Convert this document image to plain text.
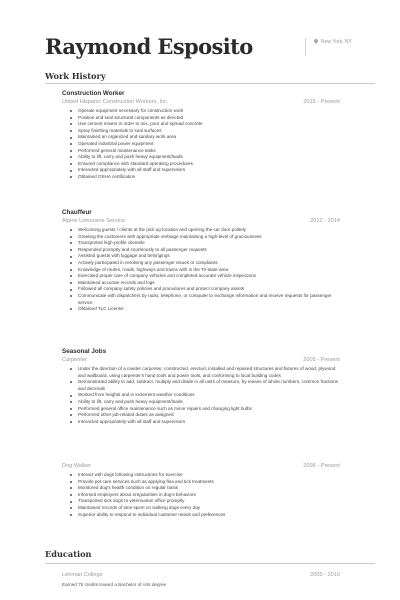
Raymond Esposito	New York, NY
Work History
Construction Worker
United Hispanic Construction Workers, Inc.	2015 - Present
Operate equipment necessary for construction work
Position and seal structural components as directed
Use cement mixers in order to mix, pour and spread concrete
Spray finishing materials to seal surfaces
Maintained an organized and sanitary work area
Operated industrial power equipment
Performed general maintenance tasks
Ability to lift, carry and push heavy equipment/loads
Ensured compliance with standard operating procedures
Interacted appropriately with all staff and supervisors
Obtained OSHA certification
Chauffeur
Alpine Limousine Service	2012 - 2014
Welcoming guests / clients at the pick up location and opening the car door politely
Greeting the customers with appropriate verbiage maintaining a high-level of graciousness
Transported high-profile clientele
Responded promptly and courteously to all passenger requests
Assisted guests with luggage and belongings
Actively participated in resolving any passenger issues or complaints
Knowledge of routes, roads, highways and towns with in the Tri-state area
Exercised proper care of company vehicles and completed accurate vehicle inspections
Maintained accurate records and logs
Followed all company safety policies and procedures and protect company assets
Communicate with dispatchers by radio, telephone, or computer to exchange information and receive requests for passenger service
Obtained TLC License
Seasonal Jobs
Carpenter	2005 - Present
Under the direction of a master carpenter, constructed, erected, installed and repaired structures and fixtures of wood, plywood and wallboard, using carpenter's hand tools and power tools, and conforming to local building codes
Demonstrated ability to add, subtract, multiply and divide in all units of measure, by means of whole numbers, common fractions and decimals
Worked from heights and in inclement weather conditions
Ability to lift, carry and push heavy equipment/loads
Performed general office maintenance such as minor repairs and changing light bulbs
Performed other job-related duties as assigned
Interacted appropriately with all staff and supervisors
Dog Walker	2006 - Present
Interact with dogs following instructions for exercise
Provide pet care services such as applying flea and tick treatments
Monitored dog's health condition on regular basis
Informed employers about irregularities in dog's behaviors
Transported sick dogs to veterinarian office promptly
Maintained records of time spent on walking dogs every day
Superior ability to respond to individual customer needs and preferences
Education
Lehman College	2005 - 2010
Earned 75 credits toward a Bachelor of Arts degree
